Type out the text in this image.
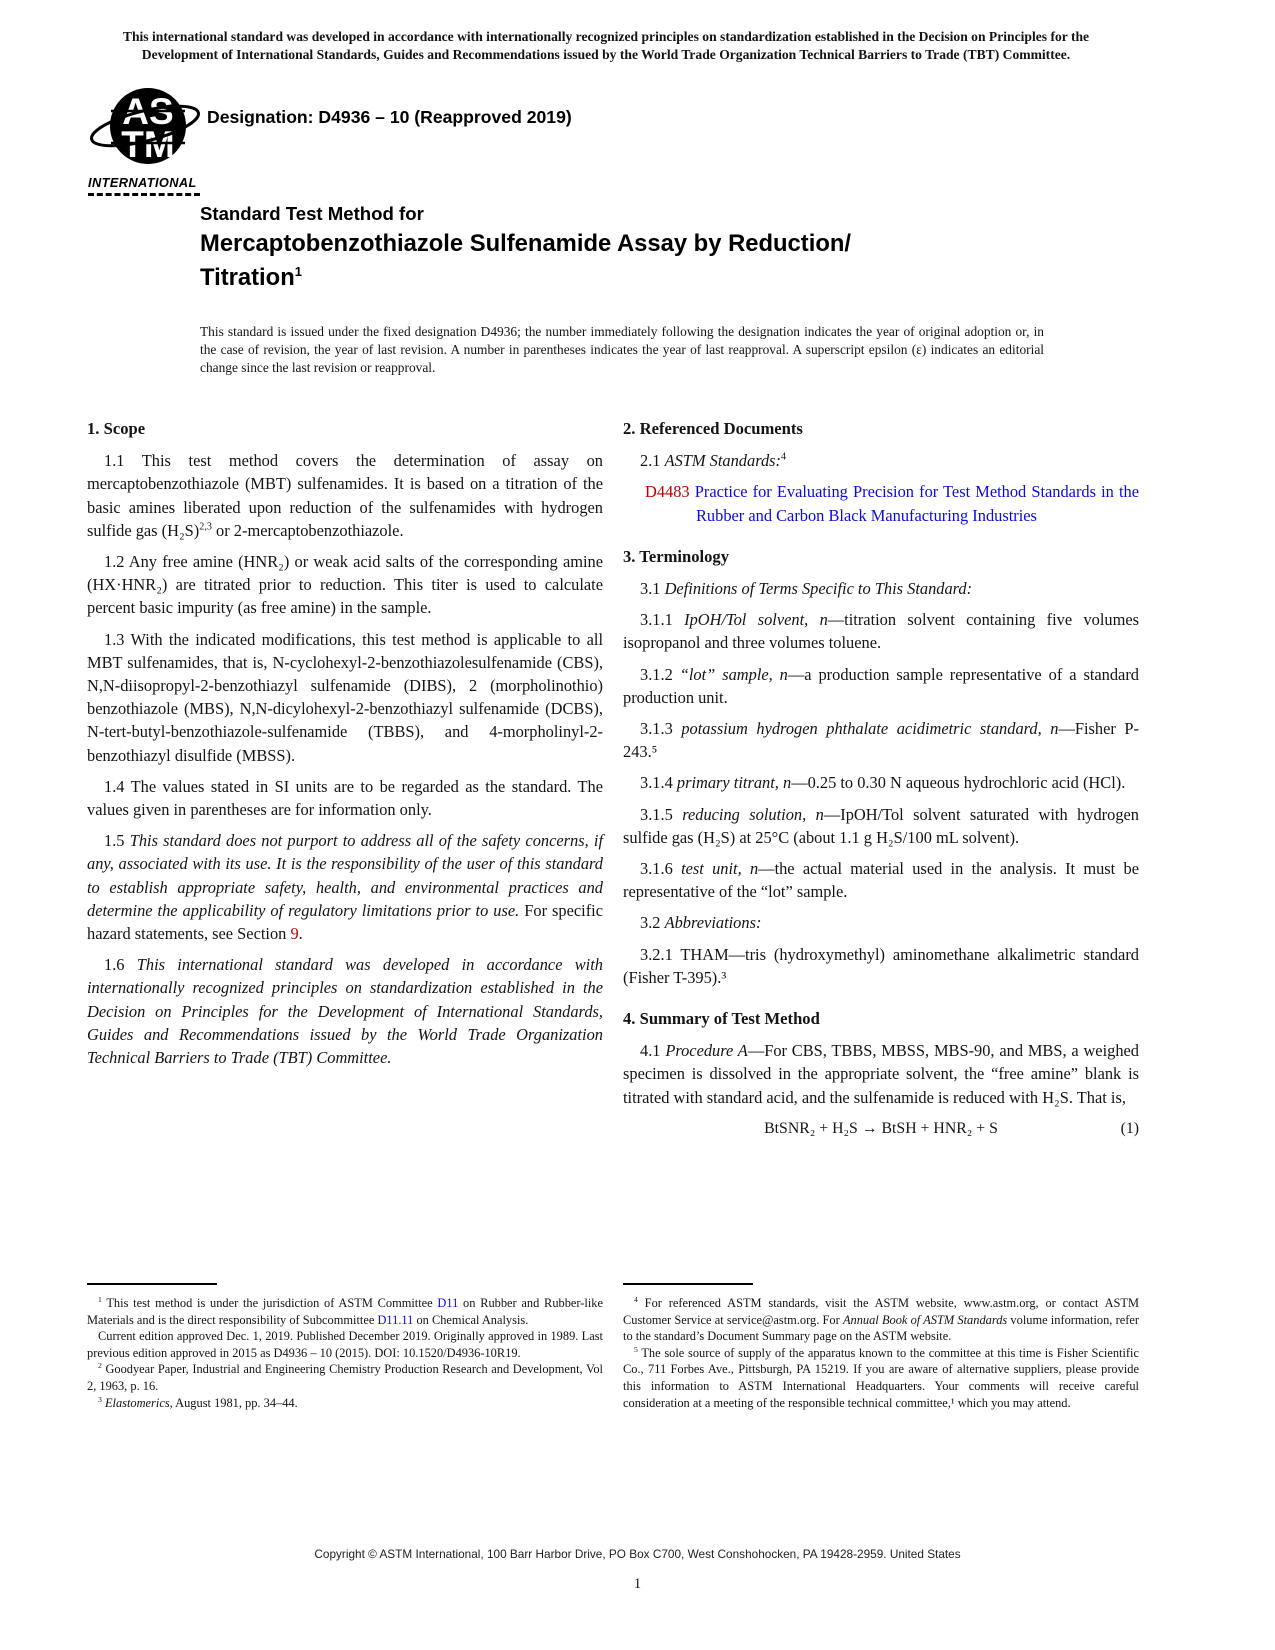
This international standard was developed in accordance with internationally recognized principles on standardization established in the Decision on Principles for the Development of International Standards, Guides and Recommendations issued by the World Trade Organization Technical Barriers to Trade (TBT) Committee.
AS
TM
INTERNATIONAL
Designation: D4936 – 10 (Reapproved 2019)
Standard Test Method for
Mercaptobenzothiazole Sulfenamide Assay by Reduction/
Titration$^1$
This standard is issued under the fixed designation D4936; the number immediately following the designation indicates the year of original adoption or, in the case of revision, the year of last revision. A number in parentheses indicates the year of last reapproval. A superscript epsilon (ε) indicates an editorial change since the last revision or reapproval.
1. Scope

1.1 This test method covers the determination of assay on mercaptobenzothiazole (MBT) sulfenamides. It is based on a titration of the basic amines liberated upon reduction of the sulfenamides with hydrogen sulfide gas $(H_2S)^{2,3}$ or 2-mercaptobenzothiazole.

1.2 Any free amine (HNR₂) or weak acid salts of the corresponding amine (HX·HNR₂) are titrated prior to reduction. This titer is used to calculate percent basic impurity (as free amine) in the sample.

1.3 With the indicated modifications, this test method is applicable to all MBT sulfenamides, that is, N-cyclohexyl-2-benzothiazolesulfenamide (CBS), N,N-diisopropyl-2-benzothiazyl sulfenamide (DIBS), 2 (morpholinothio) benzothiazole (MBS), N,N-dicylohexyl-2-benzothiazyl sulfenamide (DCBS), N-tert-butyl-benzothiazole-sulfenamide (TBBS), and 4-morpholinyl-2-benzothiazyl disulfide (MBSS).

1.4 The values stated in SI units are to be regarded as the standard. The values given in parentheses are for information only.

1.5 This standard does not purport to address all of the safety concerns, if any, associated with its use. It is the responsibility of the user of this standard to establish appropriate safety, health, and environmental practices and determine the applicability of regulatory limitations prior to use. For specific hazard statements, see Section 9.

1.6 This international standard was developed in accordance with internationally recognized principles on standardization established in the Decision on Principles for the Development of International Standards, Guides and Recommendations issued by the World Trade Organization Technical Barriers to Trade (TBT) Committee.

2. Referenced Documents

2.1 ASTM Standards:$^4$

D4483 Practice for Evaluating Precision for Test Method Standards in the Rubber and Carbon Black Manufacturing Industries

3. Terminology

3.1 Definitions of Terms Specific to This Standard:

3.1.1 IpOH/Tol solvent, n—titration solvent containing five volumes isopropanol and three volumes toluene.

3.1.2 “lot” sample, n—a production sample representative of a standard production unit.

3.1.3 potassium hydrogen phthalate acidimetric standard, n—Fisher P-243.⁵

3.1.4 primary titrant, n—0.25 to 0.30 N aqueous hydrochloric acid (HCl).

3.1.5 reducing solution, n—IpOH/Tol solvent saturated with hydrogen sulfide gas (H₂S) at 25°C (about 1.1 g H₂S/100 mL solvent).

3.1.6 test unit, n—the actual material used in the analysis. It must be representative of the “lot” sample.

3.2 Abbreviations:

3.2.1 THAM—tris (hydroxymethyl) aminomethane alkalimetric standard (Fisher T-395).³

4. Summary of Test Method

4.1 Procedure A—For CBS, TBBS, MBSS, MBS-90, and MBS, a weighed specimen is dissolved in the appropriate solvent, the “free amine” blank is titrated with standard acid, and the sulfenamide is reduced with H₂S. That is,

BtSNR₂ + H₂S → BtSH + HNR₂ + S	(1)

$^1$ This test method is under the jurisdiction of ASTM Committee D11 on Rubber and Rubber-like Materials and is the direct responsibility of Subcommittee D11.11 on Chemical Analysis.

Current edition approved Dec. 1, 2019. Published December 2019. Originally approved in 1989. Last previous edition approved in 2015 as D4936 – 10 (2015). DOI: 10.1520/D4936-10R19.

$^2$ Goodyear Paper, Industrial and Engineering Chemistry Production Research and Development, Vol 2, 1963, p. 16.

$^3$ Elastomerics, August 1981, pp. 34–44.

$^4$ For referenced ASTM standards, visit the ASTM website, www.astm.org, or contact ASTM Customer Service at service@astm.org. For Annual Book of ASTM Standards volume information, refer to the standard’s Document Summary page on the ASTM website.

$^5$ The sole source of supply of the apparatus known to the committee at this time is Fisher Scientific Co., 711 Forbes Ave., Pittsburgh, PA 15219. If you are aware of alternative suppliers, please provide this information to ASTM International Headquarters. Your comments will receive careful consideration at a meeting of the responsible technical committee,¹ which you may attend.

Copyright © ASTM International, 100 Barr Harbor Drive, PO Box C700, West Conshohocken, PA 19428-2959. United States
1
